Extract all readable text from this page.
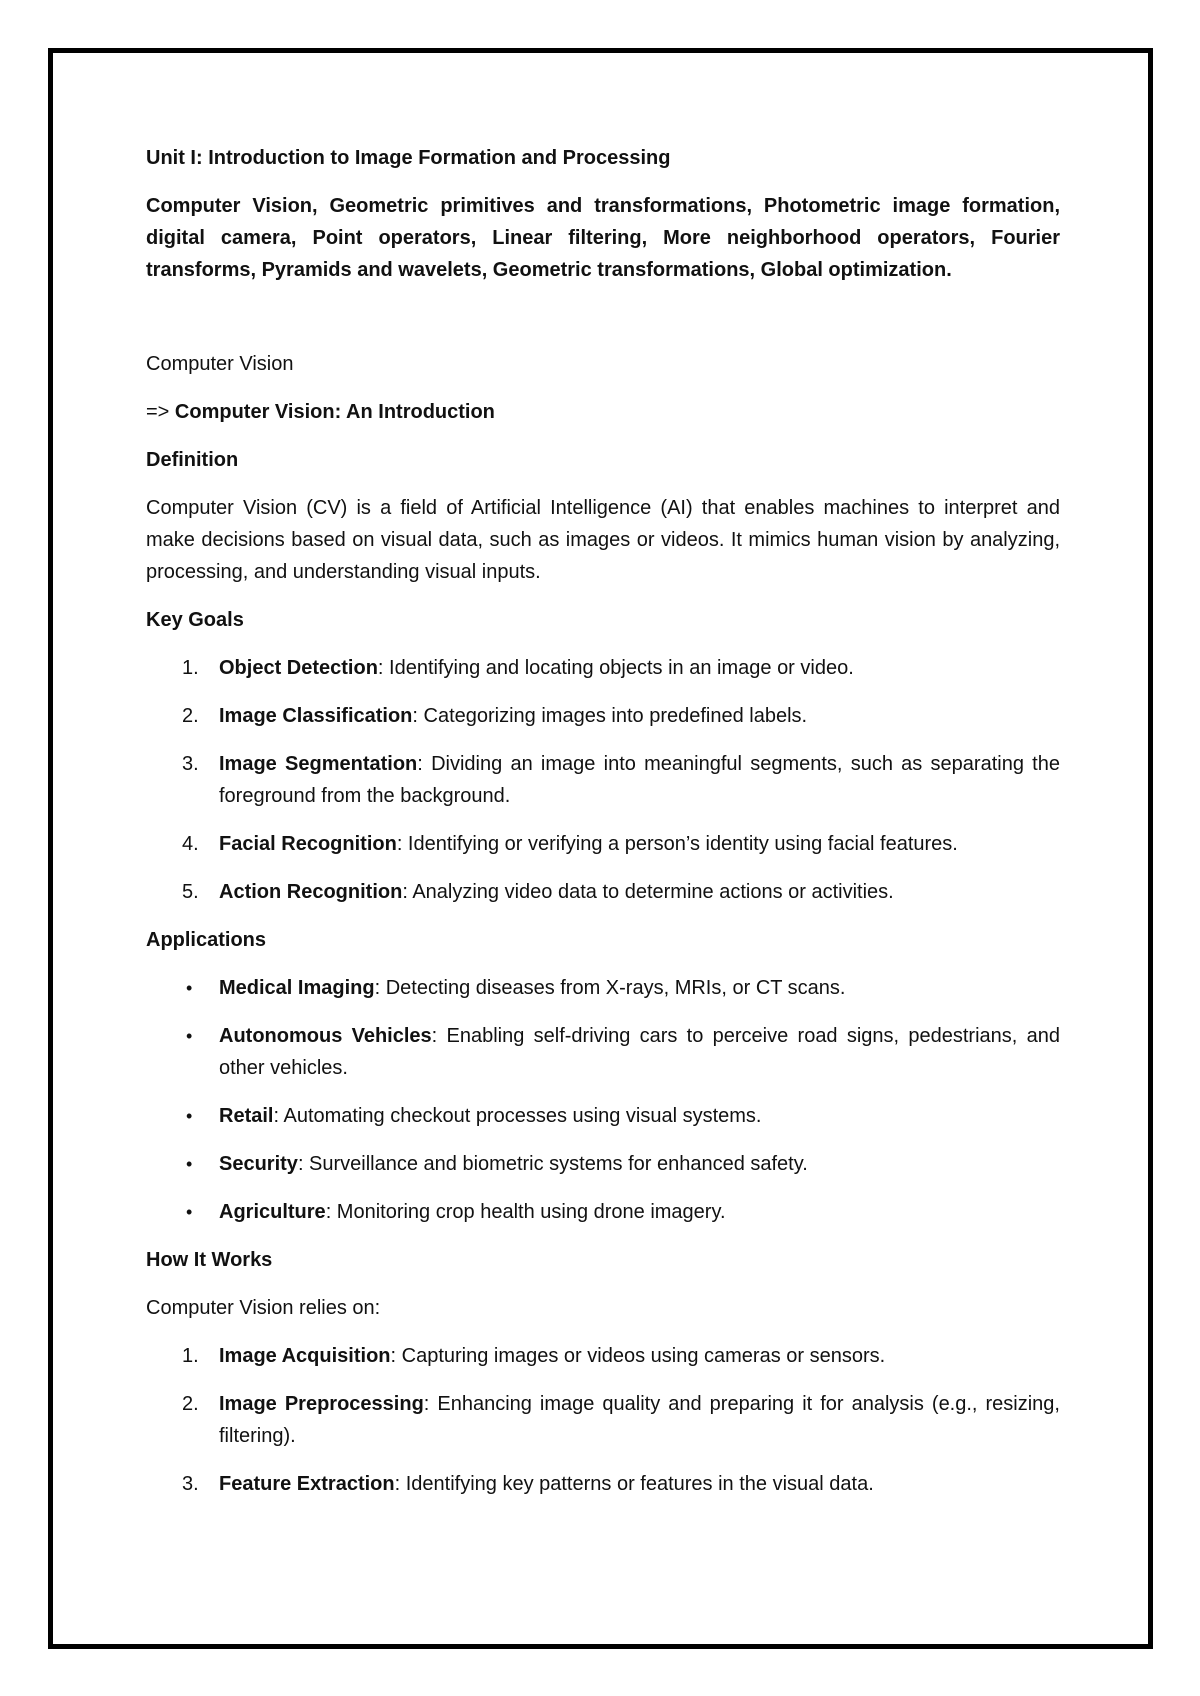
Unit I: Introduction to Image Formation and Processing
Computer Vision, Geometric primitives and transformations, Photometric image formation, digital camera, Point operators, Linear filtering, More neighborhood operators, Fourier transforms, Pyramids and wavelets, Geometric transformations, Global optimization.
Computer Vision
=> Computer Vision: An Introduction
Definition
Computer Vision (CV) is a field of Artificial Intelligence (AI) that enables machines to interpret and make decisions based on visual data, such as images or videos. It mimics human vision by analyzing, processing, and understanding visual inputs.
Key Goals
1.	Object Detection: Identifying and locating objects in an image or video.
2.	Image Classification: Categorizing images into predefined labels.
3.	Image Segmentation: Dividing an image into meaningful segments, such as separating the foreground from the background.
4.	Facial Recognition: Identifying or verifying a person’s identity using facial features.
5.	Action Recognition: Analyzing video data to determine actions or activities.
Applications
• Medical Imaging: Detecting diseases from X-rays, MRIs, or CT scans.
• Autonomous Vehicles: Enabling self-driving cars to perceive road signs, pedestrians, and other vehicles.
• Retail: Automating checkout processes using visual systems.
• Security: Surveillance and biometric systems for enhanced safety.
• Agriculture: Monitoring crop health using drone imagery.
How It Works
Computer Vision relies on:
1.	Image Acquisition: Capturing images or videos using cameras or sensors.
2.	Image Preprocessing: Enhancing image quality and preparing it for analysis (e.g., resizing, filtering).
3.	Feature Extraction: Identifying key patterns or features in the visual data.
